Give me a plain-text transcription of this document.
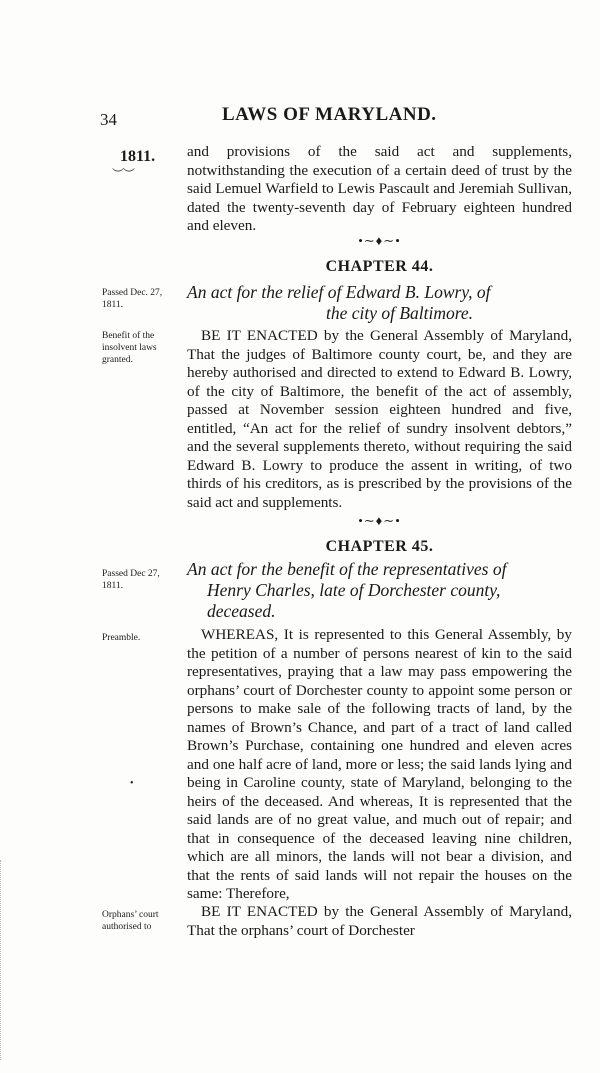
34	LAWS OF MARYLAND.
1811.
︶︶

and provisions of the said act and supplements, notwithstanding the execution of a certain deed of trust by the said Lemuel Warfield to Lewis Pascault and Jeremiah Sullivan, dated the twenty-seventh day of February eighteen hundred and eleven.

•∼♦∼•
CHAPTER 44.
Passed Dec. 27,
1811.

An act for the relief of Edward B. Lowry, of

the city of Baltimore.

Benefit of the
insolvent laws
granted.

BE IT ENACTED by the General Assembly of Maryland, That the judges of Baltimore county court, be, and they are hereby authorised and directed to extend to Edward B. Lowry, of the city of Baltimore, the benefit of the act of assembly, passed at November session eighteen hundred and five, entitled, “An act for the relief of sundry insolvent debtors,” and the several supplements thereto, without requiring the said Edward B. Lowry to produce the assent in writing, of two thirds of his creditors, as is prescribed by the provisions of the said act and supplements.

•∼♦∼•
CHAPTER 45.
Passed Dec 27,
1811.

An act for the benefit of the representatives of

Henry Charles, late of Dorchester county,

deceased.

Preamble.	WHEREAS, It is represented to this General Assembly, by the petition of a number of persons nearest of kin to the said representatives, praying that a law may pass empowering the orphans’ court of Dorchester county to appoint some person or persons to make sale of the following tracts of land, by the names of Brown’s Chance, and part of a tract of land called Brown’s Purchase, containing one hundred and eleven acres and one half acre of land, more or less; the said lands lying and being in Caroline county, state of Maryland, belonging to the heirs of the deceased. And whereas, It is represented that the said lands are of no great value, and much out of repair; and that in consequence of the deceased leaving nine children, which are all minors, the lands will not bear a division, and that the rents of said lands will not repair the houses on the same: Therefore,

•
Orphans’ court
authorised to

BE IT ENACTED by the General Assembly of Maryland, That the orphans’ court of Dorchester
